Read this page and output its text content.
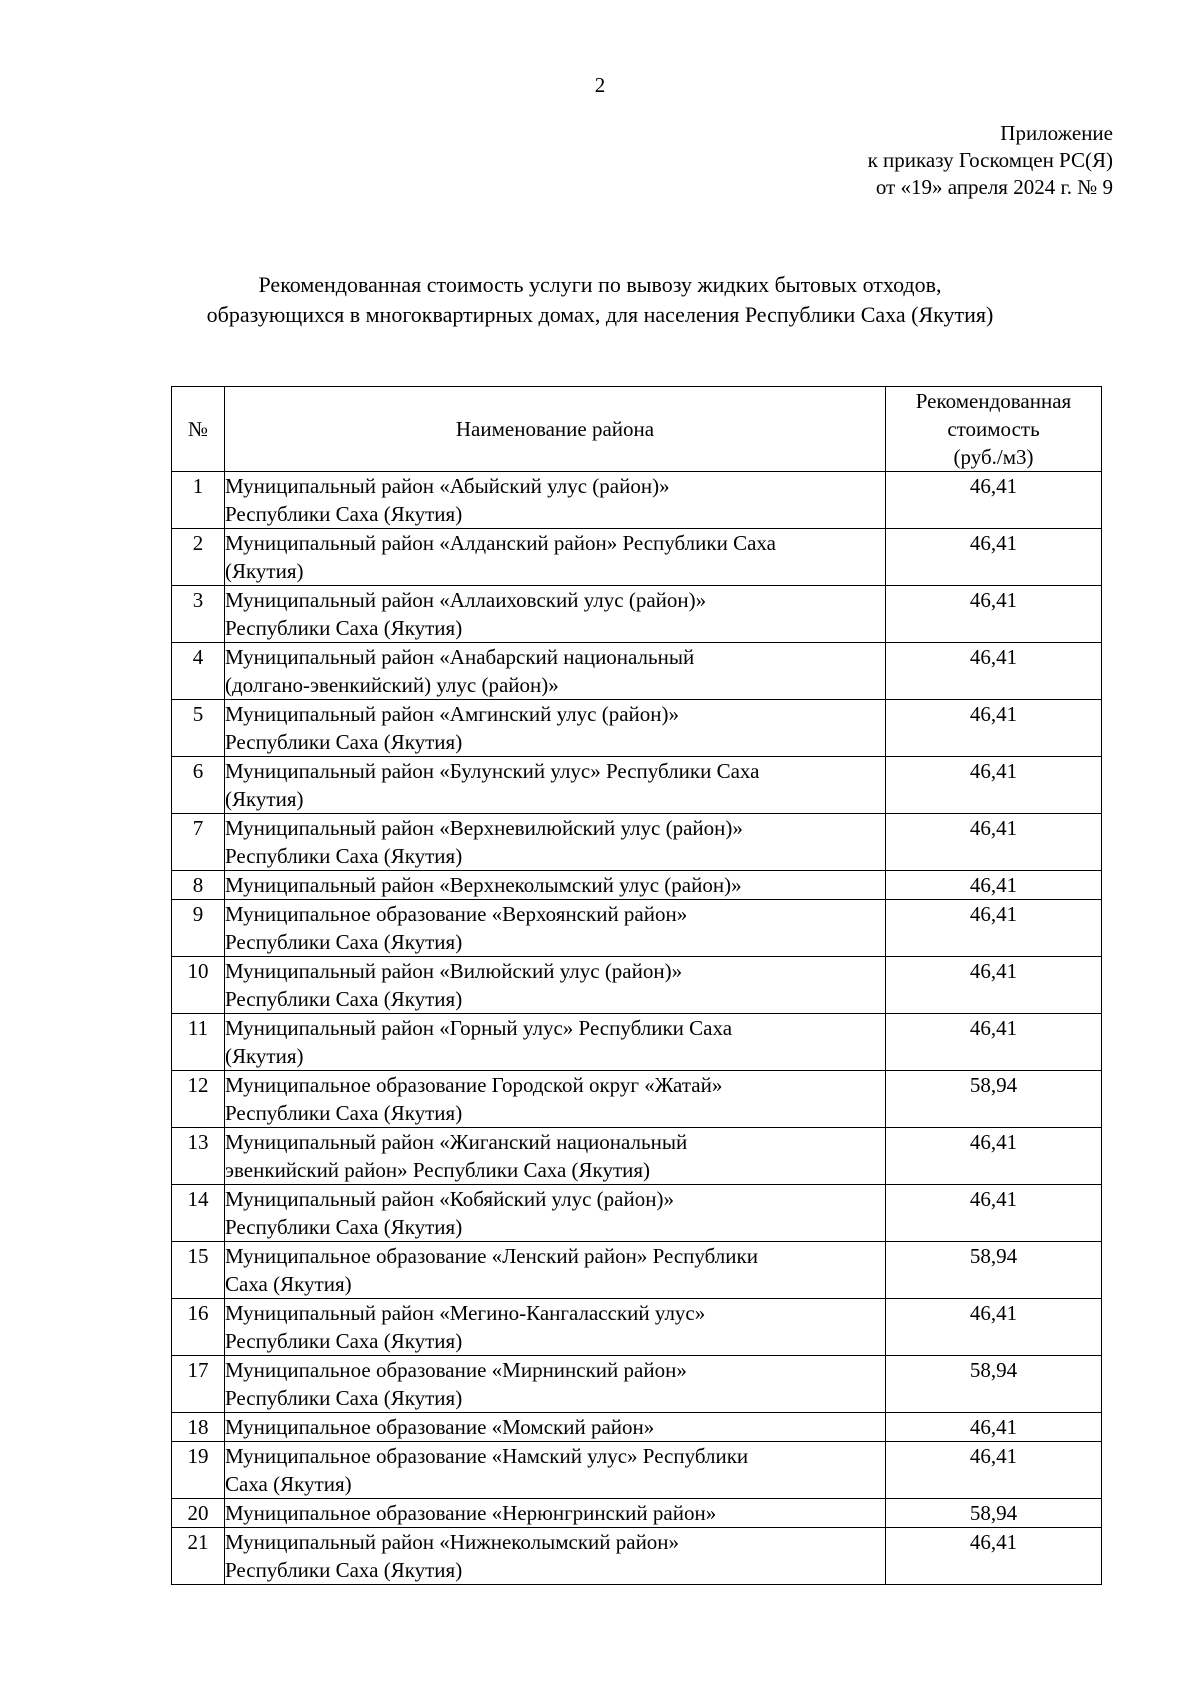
2
Приложение
к приказу Госкомцен РС(Я)
от «19» апреля 2024 г. № 9
Рекомендованная стоимость услуги по вывозу жидких бытовых отходов,
образующихся в многоквартирных домах, для населения Республики Саха (Якутия)
№	Наименование района	Рекомендованная
стоимость
(руб./м3)

1	Муниципальный район «Абыйский улус (район)»
Республики Саха (Якутия)	46,41
2	Муниципальный район «Алданский район» Республики Саха
(Якутия)	46,41
3	Муниципальный район «Аллаиховский улус (район)»
Республики Саха (Якутия)	46,41
4	Муниципальный район «Анабарский национальный
(долгано-эвенкийский) улус (район)»	46,41
5	Муниципальный район «Амгинский улус (район)»
Республики Саха (Якутия)	46,41
6	Муниципальный район «Булунский улус» Республики Саха
(Якутия)	46,41
7	Муниципальный район «Верхневилюйский улус (район)»
Республики Саха (Якутия)	46,41
8	Муниципальный район «Верхнеколымский улус (район)»	46,41
9	Муниципальное образование «Верхоянский район»
Республики Саха (Якутия)	46,41
10	Муниципальный район «Вилюйский улус (район)»
Республики Саха (Якутия)	46,41
11	Муниципальный район «Горный улус» Республики Саха
(Якутия)	46,41
12	Муниципальное образование Городской округ «Жатай»
Республики Саха (Якутия)	58,94
13	Муниципальный район «Жиганский национальный
эвенкийский район» Республики Саха (Якутия)	46,41
14	Муниципальный район «Кобяйский улус (район)»
Республики Саха (Якутия)	46,41
15	Муниципальное образование «Ленский район» Республики
Саха (Якутия)	58,94
16	Муниципальный район «Мегино-Кангаласский улус»
Республики Саха (Якутия)	46,41
17	Муниципальное образование «Мирнинский район»
Республики Саха (Якутия)	58,94
18	Муниципальное образование «Момский район»	46,41
19	Муниципальное образование «Намский улус» Республики
Саха (Якутия)	46,41
20	Муниципальное образование «Нерюнгринский район»	58,94
21	Муниципальный район «Нижнеколымский район»
Республики Саха (Якутия)	46,41
